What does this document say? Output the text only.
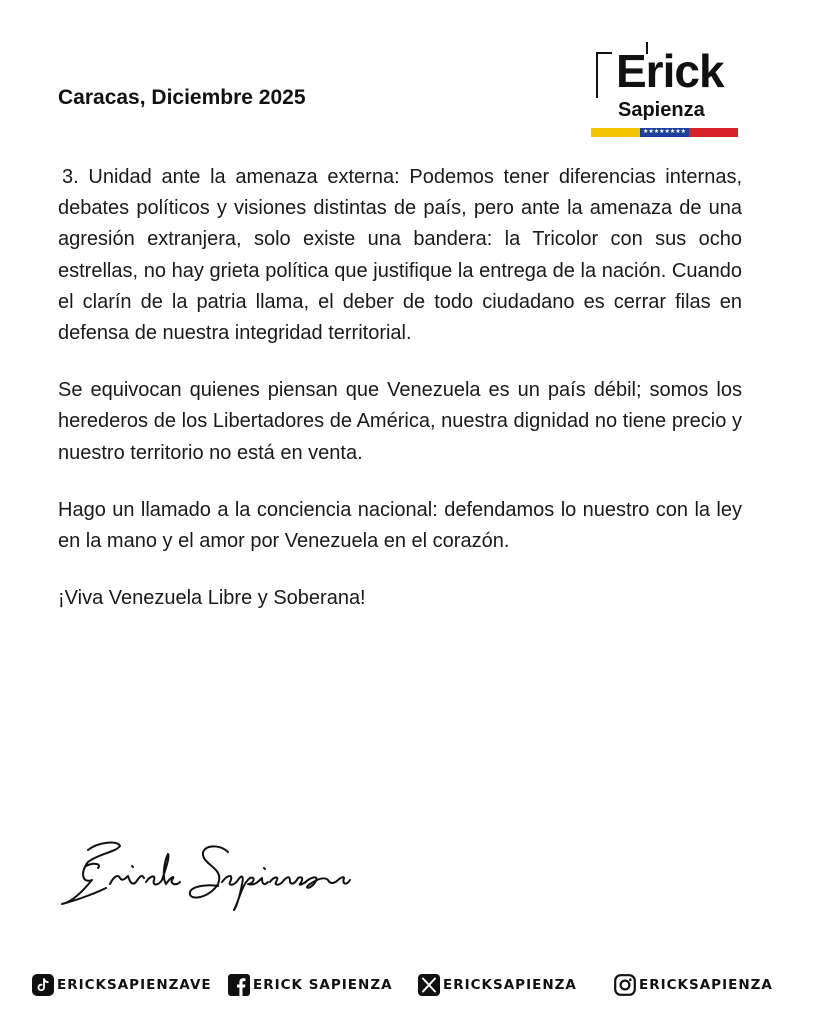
Caracas, Diciembre 2025
Erick
Sapienza
★★★★★★★★

3. Unidad ante la amenaza externa: Podemos tener diferencias internas, debates políticos y visiones distintas de país, pero ante la amenaza de una agresión extranjera, solo existe una bandera: la Tricolor con sus ocho estrellas, no hay grieta política que justifique la entrega de la nación. Cuando el clarín de la patria llama, el deber de todo ciudadano es cerrar filas en defensa de nuestra integridad territorial.

Se equivocan quienes piensan que Venezuela es un país débil; somos los herederos de los Libertadores de América, nuestra dignidad no tiene precio y nuestro territorio no está en venta.

Hago un llamado a la conciencia nacional: defendamos lo nuestro con la ley en la mano y el amor por Venezuela en el corazón.

¡Viva Venezuela Libre y Soberana!

ERICKSAPIENZAVE	ERICK SAPIENZA	ERICKSAPIENZA	ERICKSAPIENZA
